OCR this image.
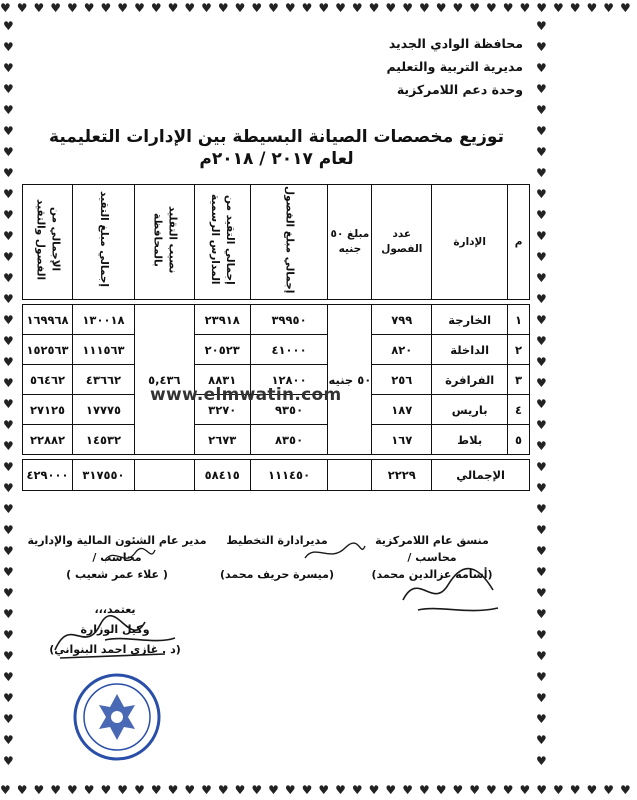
♥♥♥♥♥♥♥♥♥♥♥♥♥♥♥♥♥♥♥♥♥♥♥♥♥♥♥♥♥♥♥♥♥♥♥♥♥♥
♥♥♥♥♥♥♥♥♥♥♥♥♥♥♥♥♥♥♥♥♥♥♥♥♥♥♥♥♥♥♥♥♥♥♥♥♥♥
♥♥♥♥♥♥♥♥♥♥♥♥♥♥♥♥♥♥♥♥♥♥♥♥♥♥♥♥♥♥♥♥♥♥♥♥
♥♥♥♥♥♥♥♥♥♥♥♥♥♥♥♥♥♥♥♥♥♥♥♥♥♥♥♥♥♥♥♥♥♥♥♥
محافظة الوادي الجديد
مديرية التربية والتعليم
وحدة دعم اللامركزية
توزيع مخصصات الصيانة البسيطة بين الإدارات التعليمية
لعام ٢٠١٧ / ٢٠١٨م
م	الإدارة	عدد الفصول	مبلغ ٥٠ جنيه	إجمالي مبلغ الفصول	إجمالي التقيد من المدارس الرسمية	نصيب التقليد بالمحافظة	إجمالي مبلغ التقيد	الإجمالي من الفصول والتقيد

١	الخارجة	٧٩٩	٥٠ جنيه	٣٩٩٥٠	٢٣٩١٨	٥,٤٣٦	١٣٠٠١٨	١٦٩٩٦٨
٢	الداخلة	٨٢٠		٤١٠٠٠	٢٠٥٢٣		١١١٥٦٣	١٥٢٥٦٣
٣	الفرافرة	٢٥٦		١٢٨٠٠	٨٨٣١		٤٣٦٦٢	٥٦٤٦٢
٤	باريس	١٨٧		٩٣٥٠	٣٢٧٠		١٧٧٧٥	٢٧١٢٥
٥	بلاط	١٦٧		٨٣٥٠	٢٦٧٣		١٤٥٣٢	٢٢٨٨٢

الإجمالي		٢٢٢٩		١١١٤٥٠	٥٨٤١٥		٣١٧٥٥٠	٤٢٩٠٠٠
www.elmwatin.com
منسق عام اللامركزية
محاسب /
(أسامة عزالدين محمد)
مديرادارة التخطيط
(ميسرة حريف محمد)
مدير عام الشئون المالية والإدارية
محاسب /
( علاء عمر شعيب )
يعتمد،،،
وكيل الوزارة
(د . غازي احمد البنواني)
